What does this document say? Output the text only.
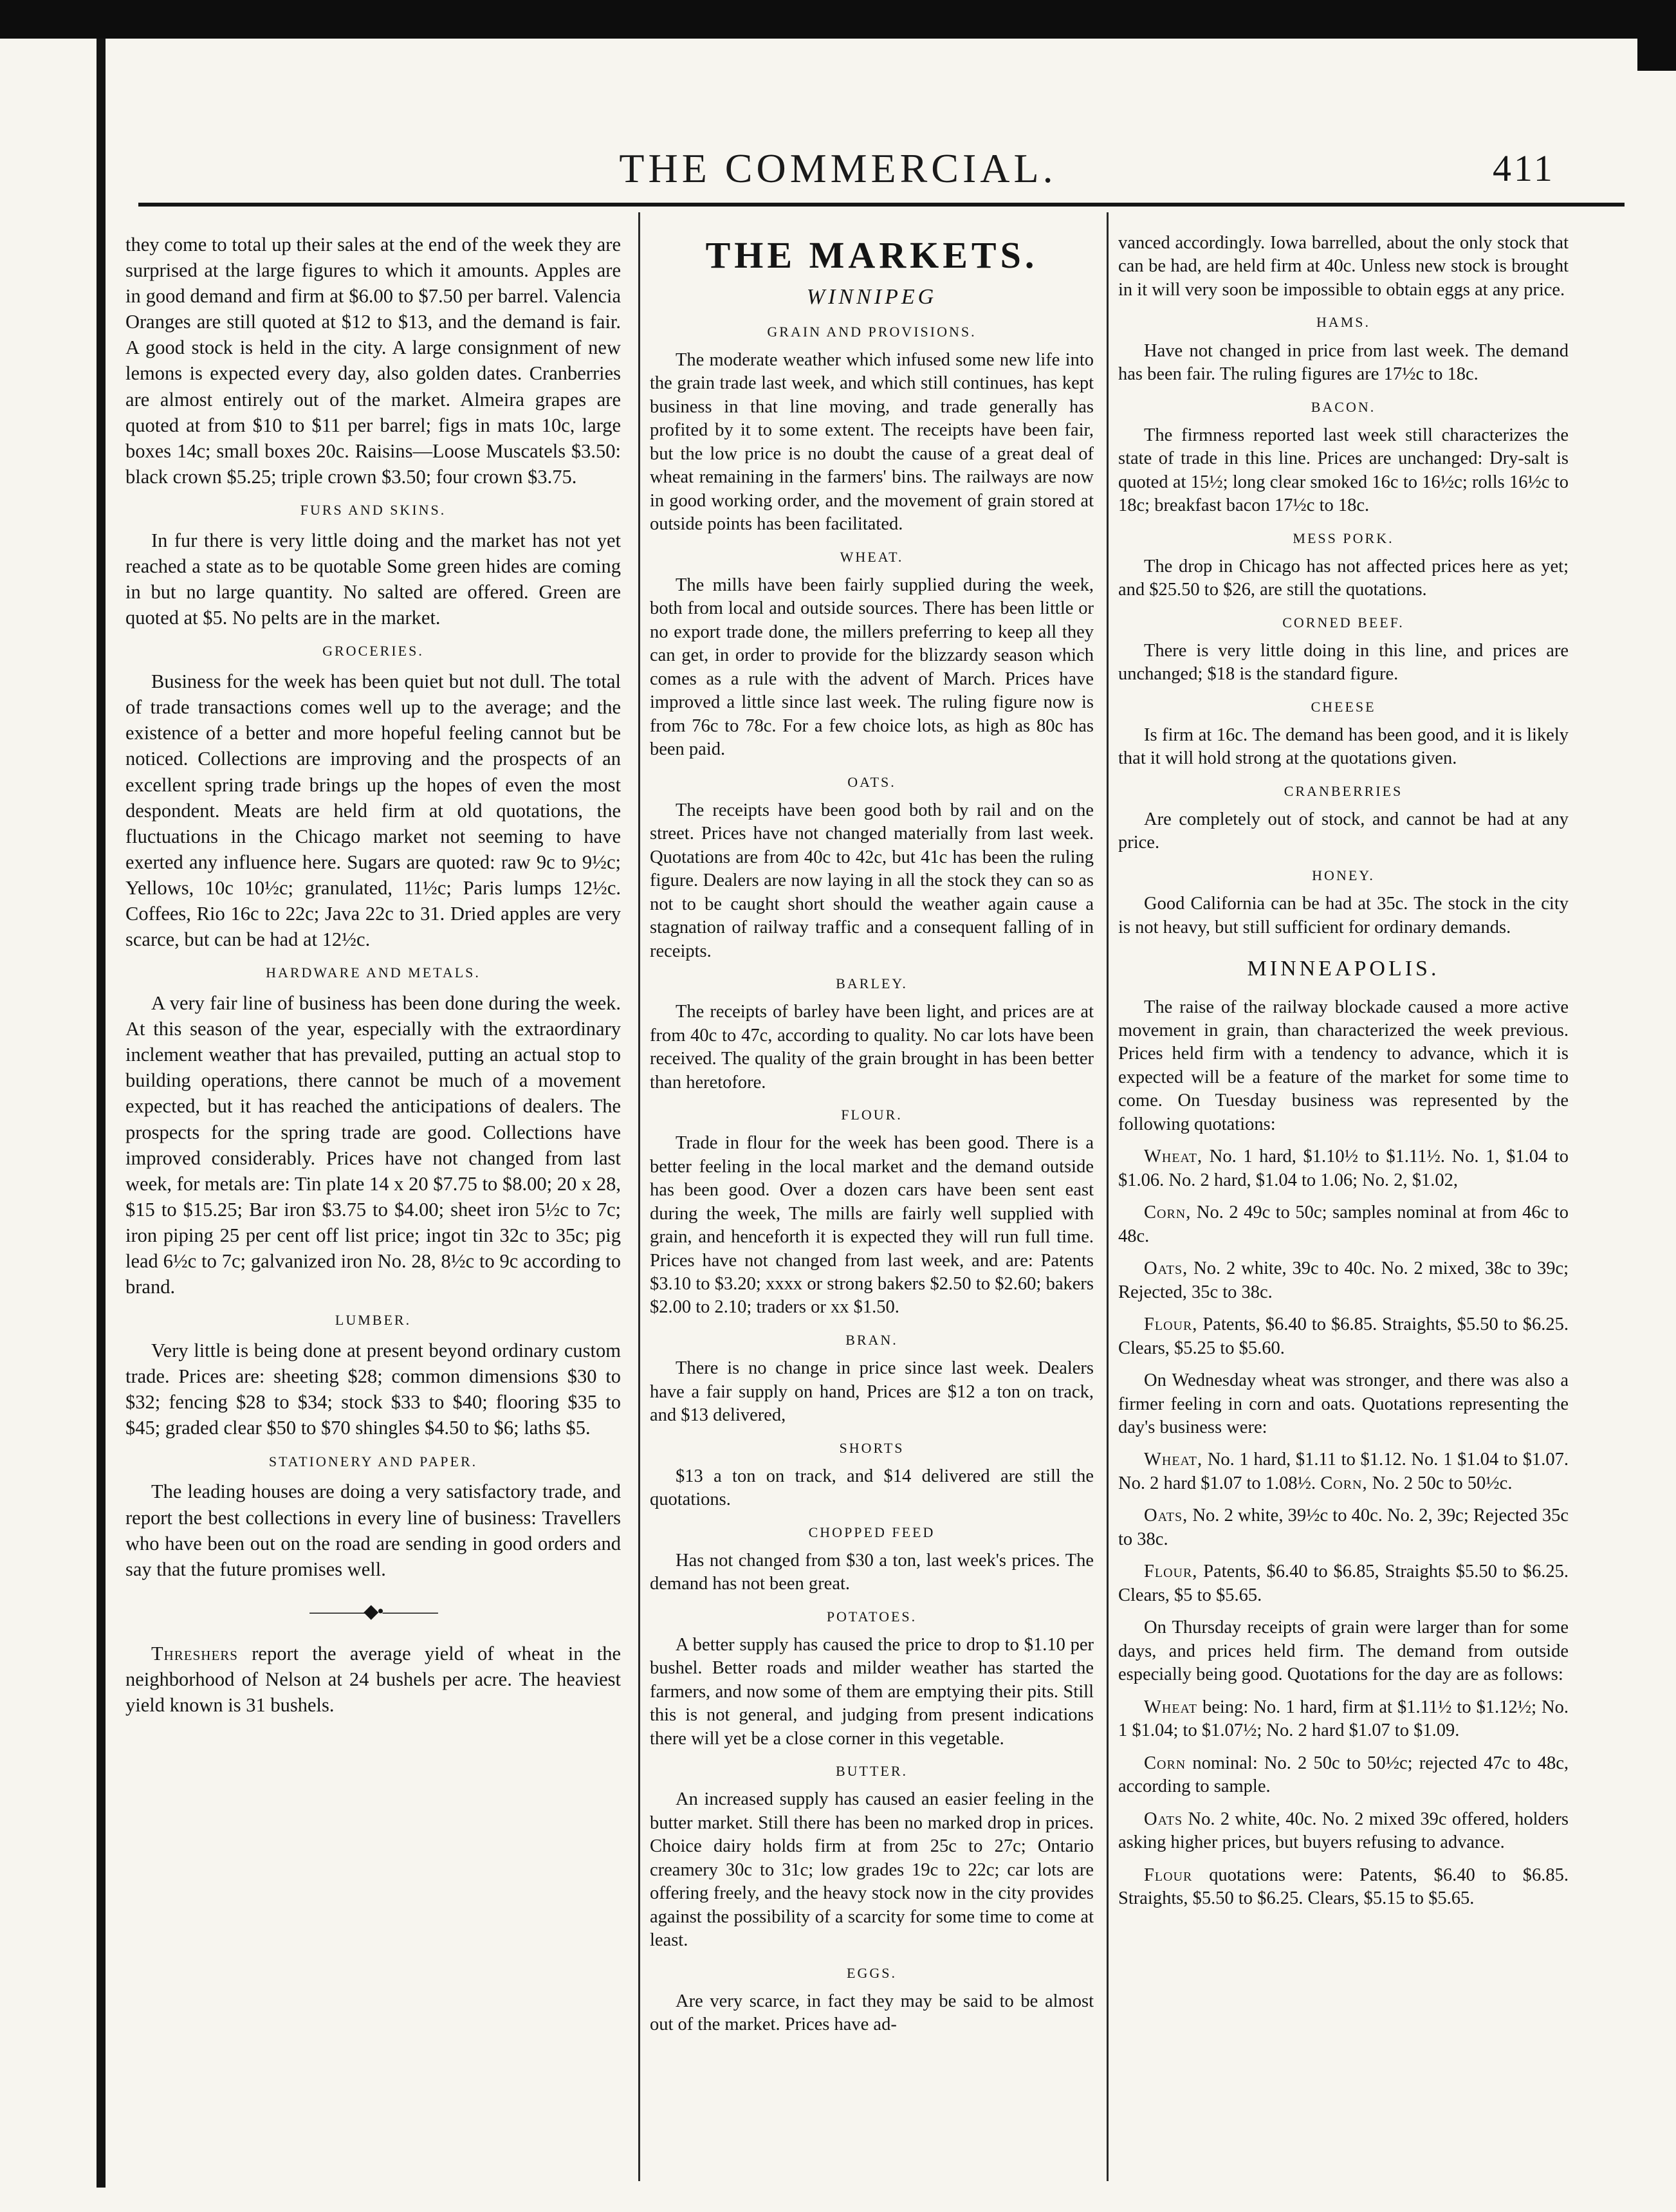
THE COMMERCIAL.	411

they come to total up their sales at the end of the week they are surprised at the large figures to which it amounts. Apples are in good demand and firm at $6.00 to $7.50 per barrel. Valencia Oranges are still quoted at $12 to $13, and the demand is fair. A good stock is held in the city. A large consignment of new lemons is expected every day, also golden dates. Cranberries are almost entirely out of the market. Almeira grapes are quoted at from $10 to $11 per barrel; figs in mats 10c, large boxes 14c; small boxes 20c. Raisins—Loose Muscatels $3.50: black crown $5.25; triple crown $3.50; four crown $3.75.

FURS AND SKINS.

In fur there is very little doing and the market has not yet reached a state as to be quotable Some green hides are coming in but no large quantity. No salted are offered. Green are quoted at $5. No pelts are in the market.

GROCERIES.

Business for the week has been quiet but not dull. The total of trade transactions comes well up to the average; and the existence of a better and more hopeful feeling cannot but be noticed. Collections are improving and the prospects of an excellent spring trade brings up the hopes of even the most despondent. Meats are held firm at old quotations, the fluctuations in the Chicago market not seeming to have exerted any influence here. Sugars are quoted: raw 9c to 9½c; Yellows, 10c 10½c; granulated, 11½c; Paris lumps 12½c. Coffees, Rio 16c to 22c; Java 22c to 31. Dried apples are very scarce, but can be had at 12½c.

HARDWARE AND METALS.

A very fair line of business has been done during the week. At this season of the year, especially with the extraordinary inclement weather that has prevailed, putting an actual stop to building operations, there cannot be much of a movement expected, but it has reached the anticipations of dealers. The prospects for the spring trade are good. Collections have improved considerably. Prices have not changed from last week, for metals are: Tin plate 14 x 20 $7.75 to $8.00; 20 x 28, $15 to $15.25; Bar iron $3.75 to $4.00; sheet iron 5½c to 7c; iron piping 25 per cent off list price; ingot tin 32c to 35c; pig lead 6½c to 7c; galvanized iron No. 28, 8½c to 9c according to brand.

LUMBER.

Very little is being done at present beyond ordinary custom trade. Prices are: sheeting $28; common dimensions $30 to $32; fencing $28 to $34; stock $33 to $40; flooring $35 to $45; graded clear $50 to $70 shingles $4.50 to $6; laths $5.

STATIONERY AND PAPER.

The leading houses are doing a very satisfactory trade, and report the best collections in every line of business: Travellers who have been out on the road are sending in good orders and say that the future promises well.

———◆•———

Threshers report the average yield of wheat in the neighborhood of Nelson at 24 bushels per acre. The heaviest yield known is 31 bushels.

THE MARKETS.
WINNIPEG
GRAIN AND PROVISIONS.

The moderate weather which infused some new life into the grain trade last week, and which still continues, has kept business in that line moving, and trade generally has profited by it to some extent. The receipts have been fair, but the low price is no doubt the cause of a great deal of wheat remaining in the farmers' bins. The railways are now in good working order, and the movement of grain stored at outside points has been facilitated.

WHEAT.

The mills have been fairly supplied during the week, both from local and outside sources. There has been little or no export trade done, the millers preferring to keep all they can get, in order to provide for the blizzardy season which comes as a rule with the advent of March. Prices have improved a little since last week. The ruling figure now is from 76c to 78c. For a few choice lots, as high as 80c has been paid.

OATS.

The receipts have been good both by rail and on the street. Prices have not changed materially from last week. Quotations are from 40c to 42c, but 41c has been the ruling figure. Dealers are now laying in all the stock they can so as not to be caught short should the weather again cause a stagnation of railway traffic and a consequent falling of in receipts.

BARLEY.

The receipts of barley have been light, and prices are at from 40c to 47c, according to quality. No car lots have been received. The quality of the grain brought in has been better than heretofore.

FLOUR.

Trade in flour for the week has been good. There is a better feeling in the local market and the demand outside has been good. Over a dozen cars have been sent east during the week, The mills are fairly well supplied with grain, and henceforth it is expected they will run full time. Prices have not changed from last week, and are: Patents $3.10 to $3.20; xxxx or strong bakers $2.50 to $2.60; bakers $2.00 to 2.10; traders or xx $1.50.

BRAN.

There is no change in price since last week. Dealers have a fair supply on hand, Prices are $12 a ton on track, and $13 delivered,

SHORTS

$13 a ton on track, and $14 delivered are still the quotations.

CHOPPED FEED

Has not changed from $30 a ton, last week's prices. The demand has not been great.

POTATOES.

A better supply has caused the price to drop to $1.10 per bushel. Better roads and milder weather has started the farmers, and now some of them are emptying their pits. Still this is not general, and judging from present indications there will yet be a close corner in this vegetable.

BUTTER.

An increased supply has caused an easier feeling in the butter market. Still there has been no marked drop in prices. Choice dairy holds firm at from 25c to 27c; Ontario creamery 30c to 31c; low grades 19c to 22c; car lots are offering freely, and the heavy stock now in the city provides against the possibility of a scarcity for some time to come at least.

EGGS.

Are very scarce, in fact they may be said to be almost out of the market. Prices have ad-

vanced accordingly. Iowa barrelled, about the only stock that can be had, are held firm at 40c. Unless new stock is brought in it will very soon be impossible to obtain eggs at any price.

HAMS.

Have not changed in price from last week. The demand has been fair. The ruling figures are 17½c to 18c.

BACON.

The firmness reported last week still characterizes the state of trade in this line. Prices are unchanged: Dry-salt is quoted at 15½; long clear smoked 16c to 16½c; rolls 16½c to 18c; breakfast bacon 17½c to 18c.

MESS PORK.

The drop in Chicago has not affected prices here as yet; and $25.50 to $26, are still the quotations.

CORNED BEEF.

There is very little doing in this line, and prices are unchanged; $18 is the standard figure.

CHEESE

Is firm at 16c. The demand has been good, and it is likely that it will hold strong at the quotations given.

CRANBERRIES

Are completely out of stock, and cannot be had at any price.

HONEY.

Good California can be had at 35c. The stock in the city is not heavy, but still sufficient for ordinary demands.

MINNEAPOLIS.

The raise of the railway blockade caused a more active movement in grain, than characterized the week previous. Prices held firm with a tendency to advance, which it is expected will be a feature of the market for some time to come. On Tuesday business was represented by the following quotations:

Wheat, No. 1 hard, $1.10½ to $1.11½. No. 1, $1.04 to $1.06. No. 2 hard, $1.04 to 1.06; No. 2, $1.02,

Corn, No. 2 49c to 50c; samples nominal at from 46c to 48c.

Oats, No. 2 white, 39c to 40c. No. 2 mixed, 38c to 39c; Rejected, 35c to 38c.

Flour, Patents, $6.40 to $6.85. Straights, $5.50 to $6.25. Clears, $5.25 to $5.60.

On Wednesday wheat was stronger, and there was also a firmer feeling in corn and oats. Quotations representing the day's business were:

Wheat, No. 1 hard, $1.11 to $1.12. No. 1 $1.04 to $1.07. No. 2 hard $1.07 to 1.08½. Corn, No. 2 50c to 50½c.

Oats, No. 2 white, 39½c to 40c. No. 2, 39c; Rejected 35c to 38c.

Flour, Patents, $6.40 to $6.85, Straights $5.50 to $6.25. Clears, $5 to $5.65.

On Thursday receipts of grain were larger than for some days, and prices held firm. The demand from outside especially being good. Quotations for the day are as follows:

Wheat being: No. 1 hard, firm at $1.11½ to $1.12½; No. 1 $1.04; to $1.07½; No. 2 hard $1.07 to $1.09.

Corn nominal: No. 2 50c to 50½c; rejected 47c to 48c, according to sample.

Oats No. 2 white, 40c. No. 2 mixed 39c offered, holders asking higher prices, but buyers refusing to advance.

Flour quotations were: Patents, $6.40 to $6.85. Straights, $5.50 to $6.25. Clears, $5.15 to $5.65.
